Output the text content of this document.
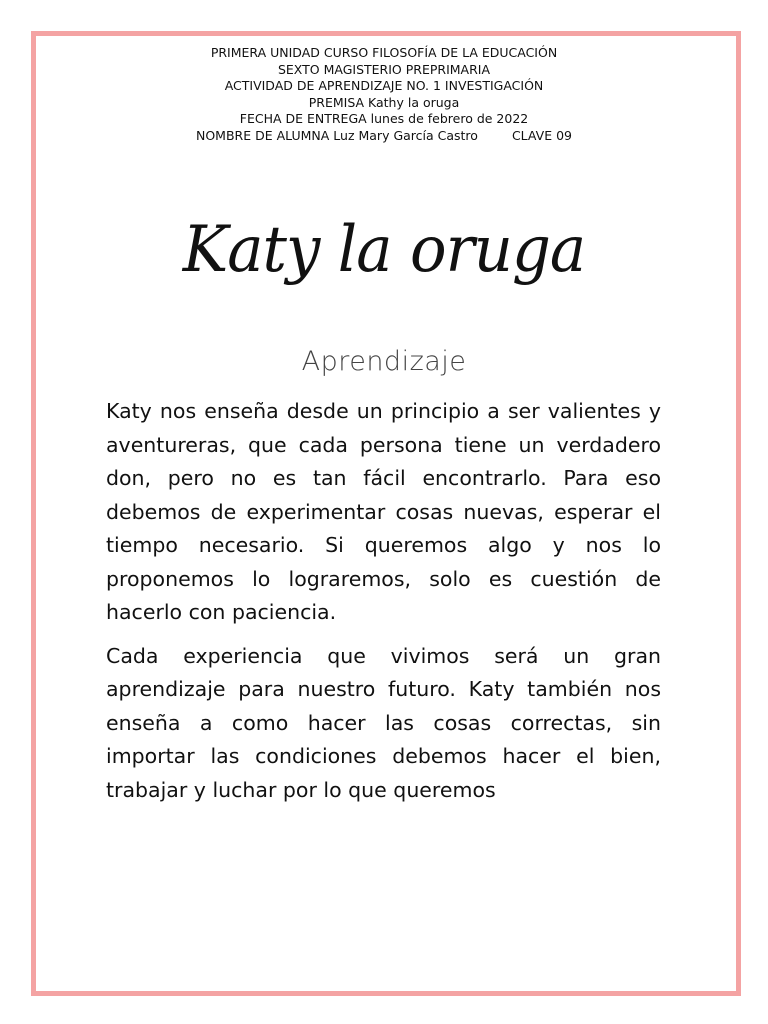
PRIMERA UNIDAD CURSO FILOSOFÍA DE LA EDUCACIÓN
SEXTO MAGISTERIO PREPRIMARIA
ACTIVIDAD DE APRENDIZAJE NO. 1 INVESTIGACIÓN
PREMISA Kathy la oruga
FECHA DE ENTREGA lunes de febrero de 2022
NOMBRE DE ALUMNA Luz Mary García Castro	CLAVE 09
Katy la oruga
Aprendizaje

Katy nos enseña desde un principio a ser valientes y aventureras, que cada persona tiene un verdadero don, pero no es tan fácil encontrarlo. Para eso debemos de experimentar cosas nuevas, esperar el tiempo necesario. Si queremos algo y nos lo proponemos lo lograremos, solo es cuestión de hacerlo con paciencia.

Cada experiencia que vivimos será un gran aprendizaje para nuestro futuro. Katy también nos enseña a como hacer las cosas correctas, sin importar las condiciones debemos hacer el bien, trabajar y luchar por lo que queremos
